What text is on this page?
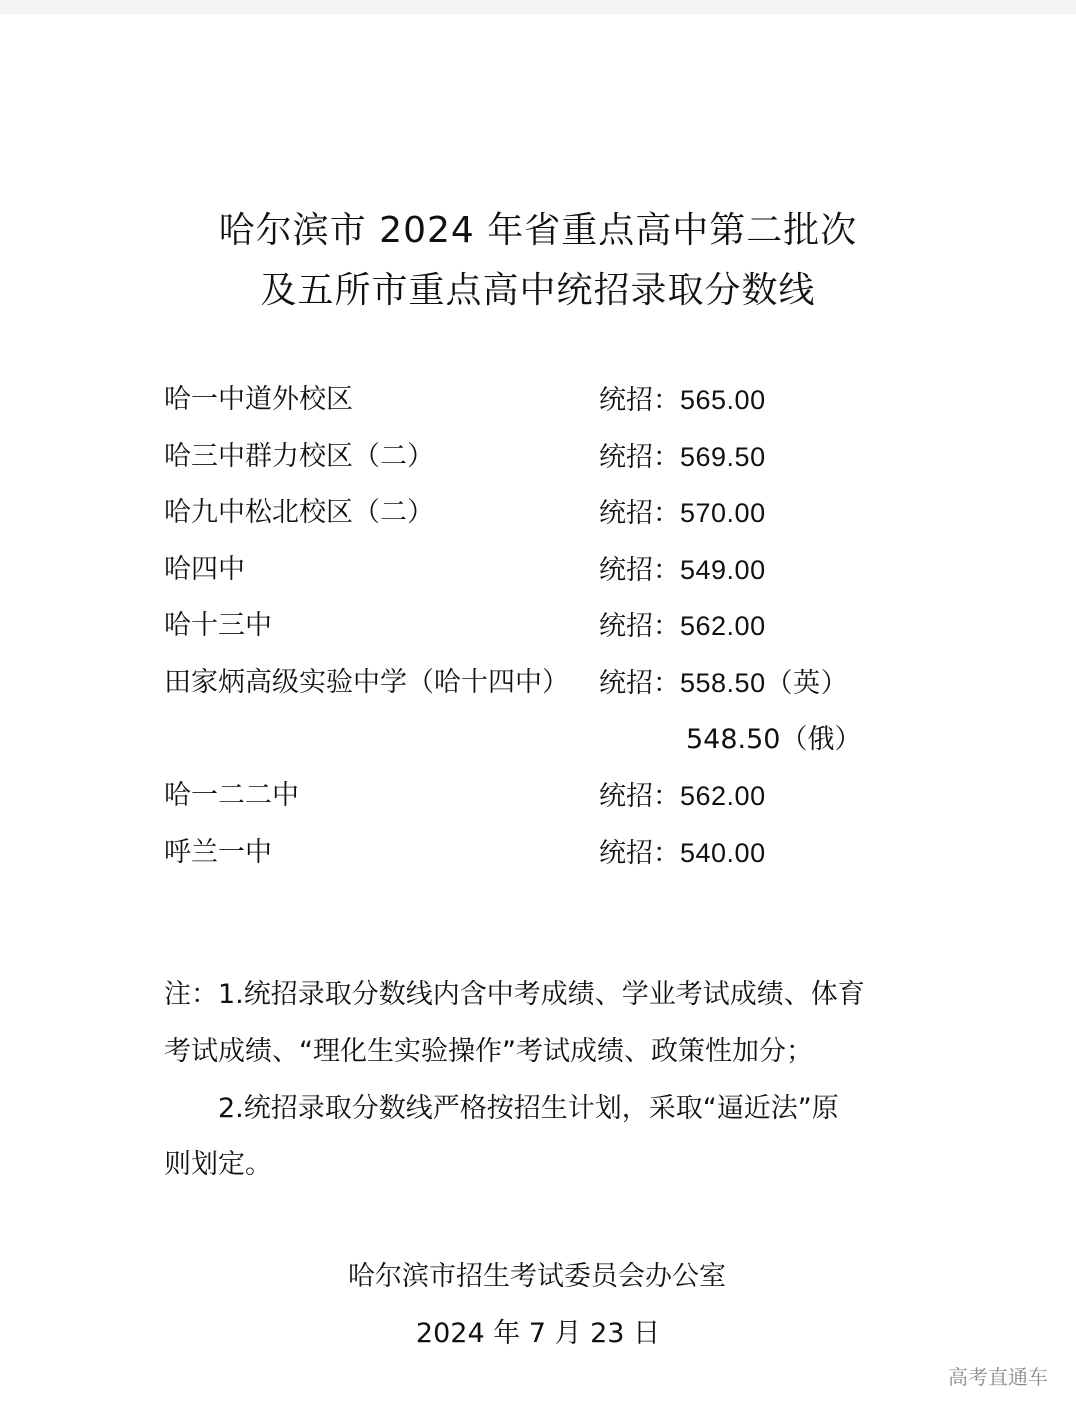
哈尔滨市 2024 年省重点高中第二批次
及五所市重点高中统招录取分数线
哈一中道外校区	统招：565.00
哈三中群力校区（二）	统招：569.50
哈九中松北校区（二）	统招：570.00
哈四中	统招：549.00
哈十三中	统招：562.00
田家炳高级实验中学（哈十四中） 统招：558.50（英）
548.50（俄）
哈一二二中	统招：562.00
呼兰一中	统招：540.00
注：1.统招录取分数线内含中考成绩、学业考试成绩、体育
考试成绩、“理化生实验操作”考试成绩、政策性加分；
2.统招录取分数线严格按招生计划，采取“逼近法”原
则划定。
哈尔滨市招生考试委员会办公室
2024 年 7 月 23 日
高考直通车
